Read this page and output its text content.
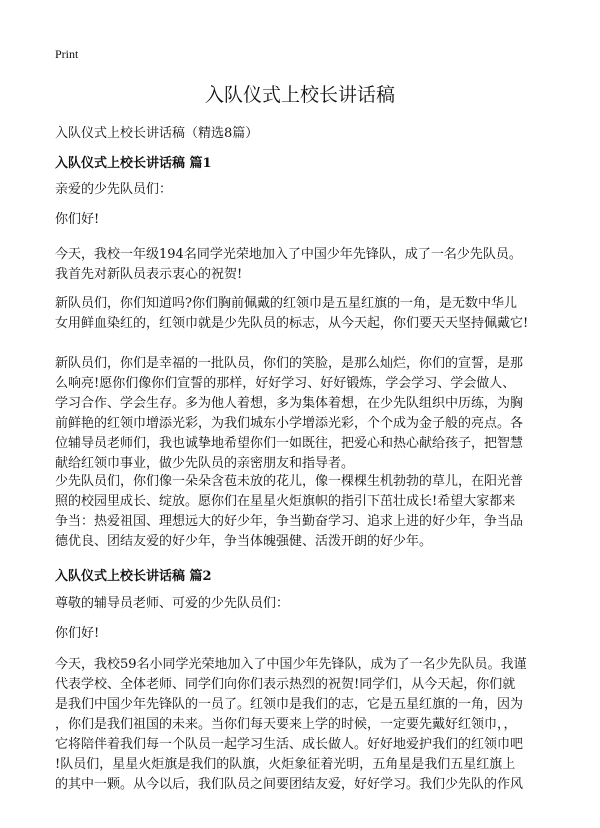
Print
入队仪式上校长讲话稿
入队仪式上校长讲话稿（精选8篇）
入队仪式上校长讲话稿 篇1

亲爱的少先队员们：

你们好!

今天，我校一年级194名同学光荣地加入了中国少年先锋队，成了一名少先队员。
我首先对新队员表示衷心的祝贺!

新队员们，你们知道吗?你们胸前佩戴的红领巾是五星红旗的一角，是无数中华儿
女用鲜血染红的，红领巾就是少先队员的标志，从今天起，你们要天天坚持佩戴它!

新队员们，你们是幸福的一批队员，你们的笑脸，是那么灿烂，你们的宣誓，是那
么响亮!愿你们像你们宣誓的那样，好好学习、好好锻炼，学会学习、学会做人、
学习合作、学会生存。多为他人着想，多为集体着想，在少先队组织中历练，为胸
前鲜艳的红领巾增添光彩，为我们城东小学增添光彩，个个成为金子般的亮点。各
位辅导员老师们，我也诚挚地希望你们一如既往，把爱心和热心献给孩子，把智慧
献给红领巾事业，做少先队员的亲密朋友和指导者。

少先队员们，你们像一朵朵含苞未放的花儿，像一棵棵生机勃勃的草儿，在阳光普
照的校园里成长、绽放。愿你们在星星火炬旗帜的指引下茁壮成长!希望大家都来
争当：热爱祖国、理想远大的好少年，争当勤奋学习、追求上进的好少年，争当品
德优良、团结友爱的好少年，争当体魄强健、活泼开朗的好少年。

入队仪式上校长讲话稿 篇2

尊敬的辅导员老师、可爱的少先队员们：

你们好!

今天，我校59名小同学光荣地加入了中国少年先锋队，成为了一名少先队员。我谨
代表学校、全体老师、同学们向你们表示热烈的祝贺!同学们，从今天起，你们就
是我们中国少年先锋队的一员了。红领巾是我们的志，它是五星红旗的一角，因为
，你们是我们祖国的未来。当你们每天要来上学的时候，一定要先戴好红领巾，，
它将陪伴着我们每一个队员一起学习生活、成长做人。好好地爱护我们的红领巾吧
!队员们，星星火炬旗是我们的队旗，火炬象征着光明，五角星是我们五星红旗上
的其中一颗。从今以后，我们队员之间要团结友爱，好好学习。我们少先队的作风
